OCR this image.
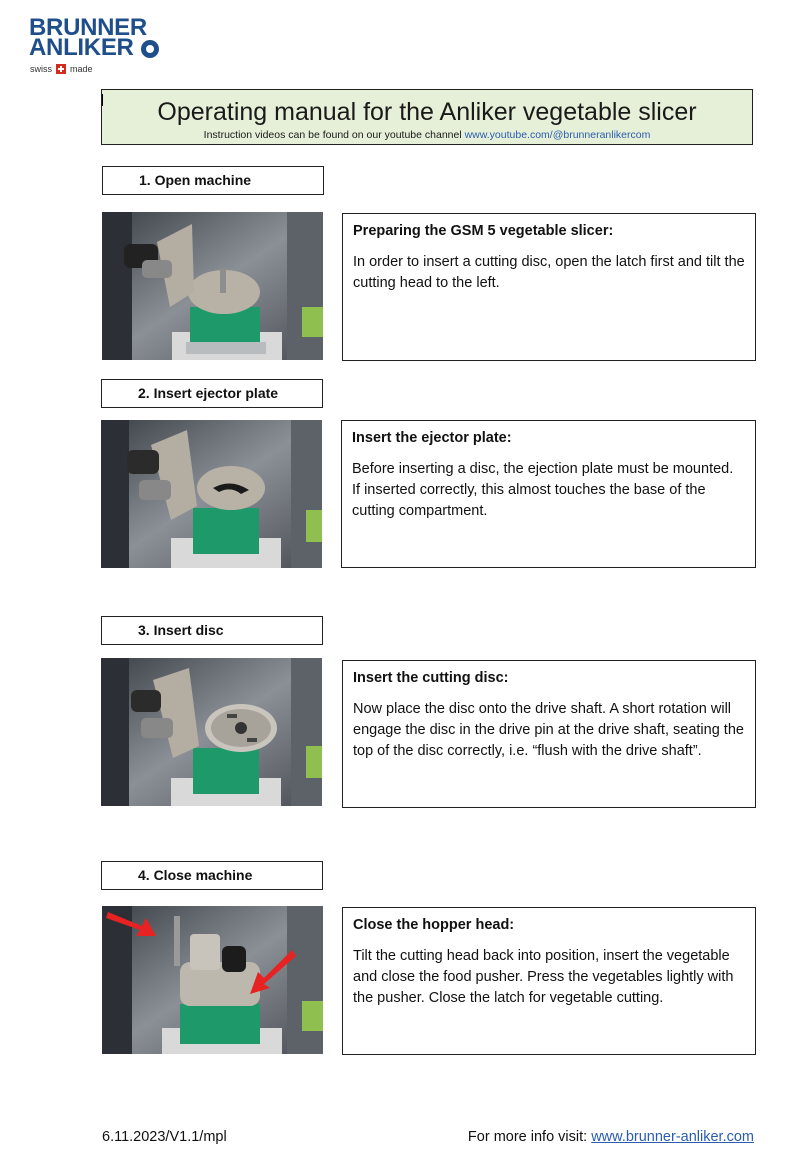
BRUNNER
ANLIKER
swiss made
Operating manual for the Anliker vegetable slicer
Instruction videos can be found on our youtube channel www.youtube.com/@brunneranlikercom
1. Open machine
Preparing the GSM 5 vegetable slicer:
In order to insert a cutting disc, open the latch first and tilt the cutting head to the left.
2. Insert ejector plate
Insert the ejector plate:
Before inserting a disc, the ejection plate must be mounted. If inserted correctly, this almost touches the base of the cutting compartment.
3. Insert disc
Insert the cutting disc:
Now place the disc onto the drive shaft. A short rotation will engage the disc in the drive pin at the drive shaft, seating the top of the disc correctly, i.e. “flush with the drive shaft”.
4. Close machine
Close the hopper head:
Tilt the cutting head back into position, insert the vegetable and close the food pusher. Press the vegetables lightly with the pusher. Close the latch for vegetable cutting.
6.11.2023/V1.1/mpl	For more info visit: www.brunner-anliker.com
